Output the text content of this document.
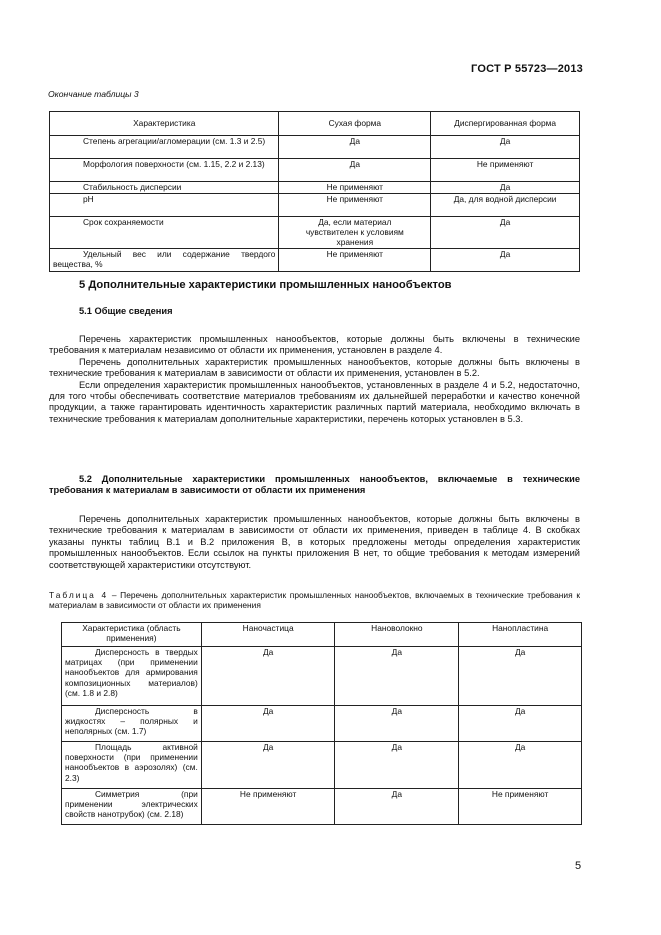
ГОСТ Р 55723—2013
Окончание таблицы 3
Характеристика	Сухая форма	Диспергированная форма
Степень агрегации/агломерации (см. 1.3 и 2.5)	Да	Да
Морфология поверхности (см. 1.15, 2.2 и 2.13)	Да	Не применяют
Стабильность дисперсии	Не применяют	Да
pH	Не применяют	Да, для водной дисперсии
Срок сохраняемости	Да, если материал чувствителен к условиям хранения	Да
Удельный вес или содержание твердого вещества, %	Не применяют	Да
5 Дополнительные характеристики промышленных нанообъектов
5.1 Общие сведения

Перечень характеристик промышленных нанообъектов, которые должны быть включены в технические требования к материалам независимо от области их применения, установлен в разделе 4.

Перечень дополнительных характеристик промышленных нанообъектов, которые должны быть включены в технические требования к материалам в зависимости от области их применения, установлен в 5.2.

Если определения характеристик промышленных нанообъектов, установленных в разделе 4 и 5.2, недостаточно, для того чтобы обеспечивать соответствие материалов требованиям их дальнейшей переработки и качество конечной продукции, а также гарантировать идентичность характеристик различных партий материала, необходимо включать в технические требования к материалам дополнительные характеристики, перечень которых установлен в 5.3.

5.2 Дополнительные характеристики промышленных нанообъектов, включаемые в технические требования к материалам в зависимости от области их применения

Перечень дополнительных характеристик промышленных нанообъектов, которые должны быть включены в технические требования к материалам в зависимости от области их применения, приведен в таблице 4. В скобках указаны пункты таблиц В.1 и В.2 приложения В, в которых предложены методы определения характеристик промышленных нанообъектов. Если ссылок на пункты приложения В нет, то общие требования к методам измерений соответствующей характеристики отсутствуют.

Таблица 4 – Перечень дополнительных характеристик промышленных нанообъектов, включаемых в технические требования к материалам в зависимости от области их применения
Характеристика (область применения)	Наночастица	Нановолокно	Нанопластина
Дисперсность в твердых матрицах (при применении нанообъектов для армирования композиционных материалов) (см. 1.8 и 2.8)	Да	Да	Да
Дисперсность в жидкостях – полярных и неполярных (см. 1.7)	Да	Да	Да
Площадь активной поверхности (при применении нанообъектов в аэрозолях) (см. 2.3)	Да	Да	Да
Симметрия (при применении электрических свойств нанотрубок) (см. 2.18)	Не применяют	Да	Не применяют
5
